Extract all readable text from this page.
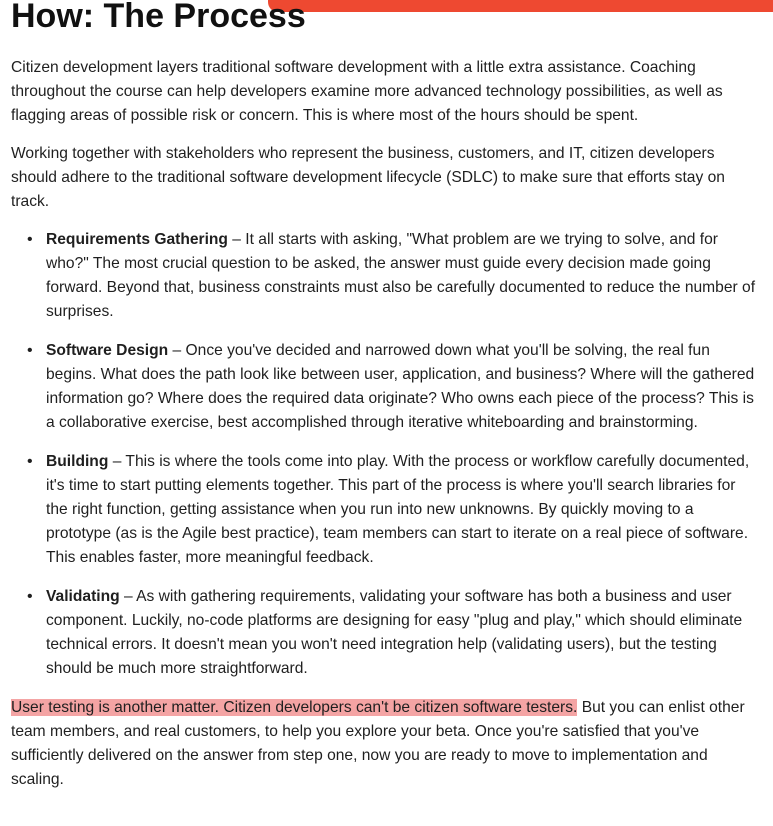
How: The Process

Citizen development layers traditional software development with a little extra assistance. Coaching throughout the course can help developers examine more advanced technology possibilities, as well as flagging areas of possible risk or concern. This is where most of the hours should be spent.

Working together with stakeholders who represent the business, customers, and IT, citizen developers should adhere to the traditional software development lifecycle (SDLC) to make sure that efforts stay on track.

• Requirements Gathering – It all starts with asking, "What problem are we trying to solve, and for who?" The most crucial question to be asked, the answer must guide every decision made going forward. Beyond that, business constraints must also be carefully documented to reduce the number of surprises.
• Software Design – Once you've decided and narrowed down what you'll be solving, the real fun begins. What does the path look like between user, application, and business? Where will the gathered information go? Where does the required data originate? Who owns each piece of the process? This is a collaborative exercise, best accomplished through iterative whiteboarding and brainstorming.
• Building – This is where the tools come into play. With the process or workflow carefully documented, it's time to start putting elements together. This part of the process is where you'll search libraries for the right function, getting assistance when you run into new unknowns. By quickly moving to a prototype (as is the Agile best practice), team members can start to iterate on a real piece of software. This enables faster, more meaningful feedback.
• Validating – As with gathering requirements, validating your software has both a business and user component. Luckily, no-code platforms are designing for easy "plug and play," which should eliminate technical errors. It doesn't mean you won't need integration help (validating users), but the testing should be much more straightforward.

User testing is another matter. Citizen developers can't be citizen software testers. But you can enlist other team members, and real customers, to help you explore your beta. Once you're satisfied that you've sufficiently delivered on the answer from step one, now you are ready to move to implementation and scaling.
